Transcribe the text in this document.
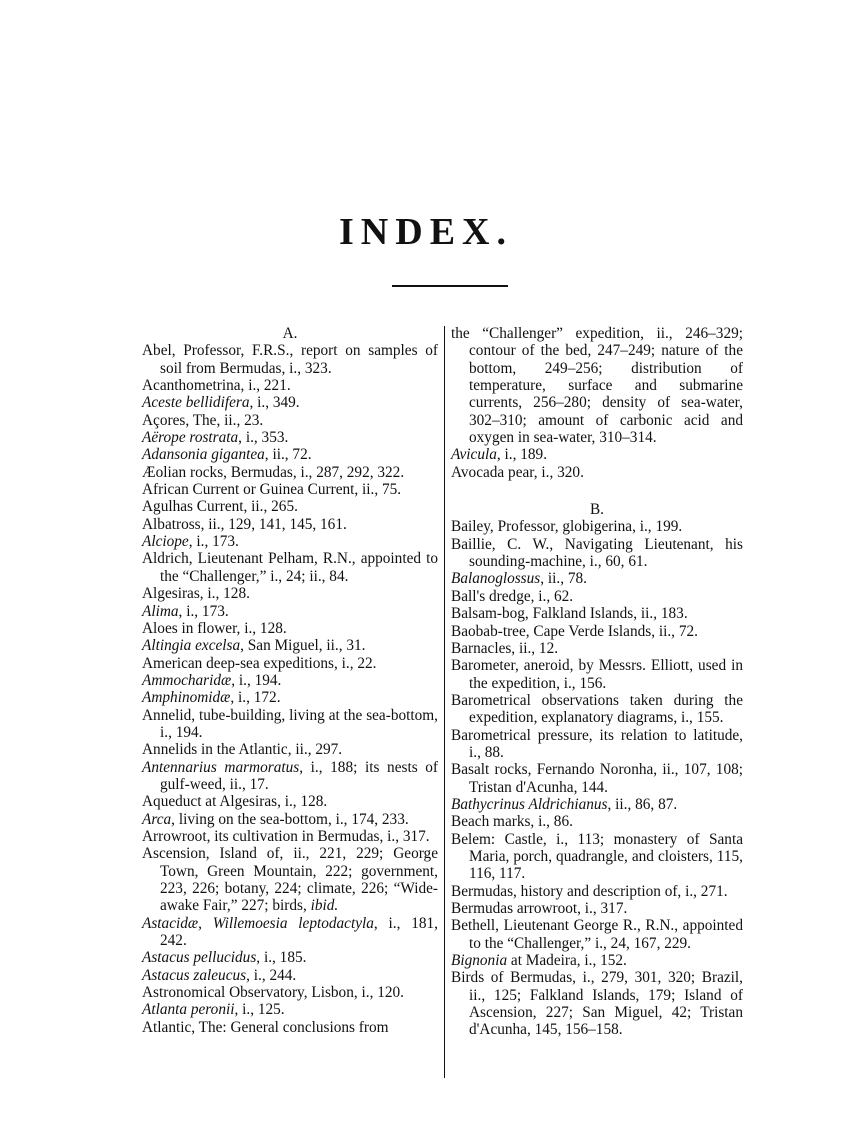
INDEX.

A.

Abel, Professor, F.R.S., report on samples of soil from Bermudas, i., 323.

Acanthometrina, i., 221.

Aceste bellidifera, i., 349.

Açores, The, ii., 23.

Aërope rostrata, i., 353.

Adansonia gigantea, ii., 72.

Æolian rocks, Bermudas, i., 287, 292, 322.

African Current or Guinea Current, ii., 75.

Agulhas Current, ii., 265.

Albatross, ii., 129, 141, 145, 161.

Alciope, i., 173.

Aldrich, Lieutenant Pelham, R.N., appointed to the “Challenger,” i., 24; ii., 84.

Algesiras, i., 128.

Alima, i., 173.

Aloes in flower, i., 128.

Altingia excelsa, San Miguel, ii., 31.

American deep-sea expeditions, i., 22.

Ammocharidæ, i., 194.

Amphinomidæ, i., 172.

Annelid, tube-building, living at the sea-bottom, i., 194.

Annelids in the Atlantic, ii., 297.

Antennarius marmoratus, i., 188; its nests of gulf-weed, ii., 17.

Aqueduct at Algesiras, i., 128.

Arca, living on the sea-bottom, i., 174, 233.

Arrowroot, its cultivation in Bermudas, i., 317.

Ascension, Island of, ii., 221, 229; George Town, Green Mountain, 222; government, 223, 226; botany, 224; climate, 226; “Wide-awake Fair,” 227; birds, ibid.

Astacidæ, Willemoesia leptodactyla, i., 181, 242.

Astacus pellucidus, i., 185.

Astacus zaleucus, i., 244.

Astronomical Observatory, Lisbon, i., 120.

Atlanta peronii, i., 125.

Atlantic, The: General conclusions from

the “Challenger” expedition, ii., 246–329; contour of the bed, 247–249; nature of the bottom, 249–256; distribution of temperature, surface and submarine currents, 256–280; density of sea-water, 302–310; amount of carbonic acid and oxygen in sea-water, 310–314.

Avicula, i., 189.

Avocada pear, i., 320.

B.

Bailey, Professor, globigerina, i., 199.

Baillie, C. W., Navigating Lieutenant, his sounding-machine, i., 60, 61.

Balanoglossus, ii., 78.

Ball's dredge, i., 62.

Balsam-bog, Falkland Islands, ii., 183.

Baobab-tree, Cape Verde Islands, ii., 72.

Barnacles, ii., 12.

Barometer, aneroid, by Messrs. Elliott, used in the expedition, i., 156.

Barometrical observations taken during the expedition, explanatory diagrams, i., 155.

Barometrical pressure, its relation to latitude, i., 88.

Basalt rocks, Fernando Noronha, ii., 107, 108; Tristan d'Acunha, 144.

Bathycrinus Aldrichianus, ii., 86, 87.

Beach marks, i., 86.

Belem: Castle, i., 113; monastery of Santa Maria, porch, quadrangle, and cloisters, 115, 116, 117.

Bermudas, history and description of, i., 271.

Bermudas arrowroot, i., 317.

Bethell, Lieutenant George R., R.N., appointed to the “Challenger,” i., 24, 167, 229.

Bignonia at Madeira, i., 152.

Birds of Bermudas, i., 279, 301, 320; Brazil, ii., 125; Falkland Islands, 179; Island of Ascension, 227; San Miguel, 42; Tristan d'Acunha, 145, 156–158.
